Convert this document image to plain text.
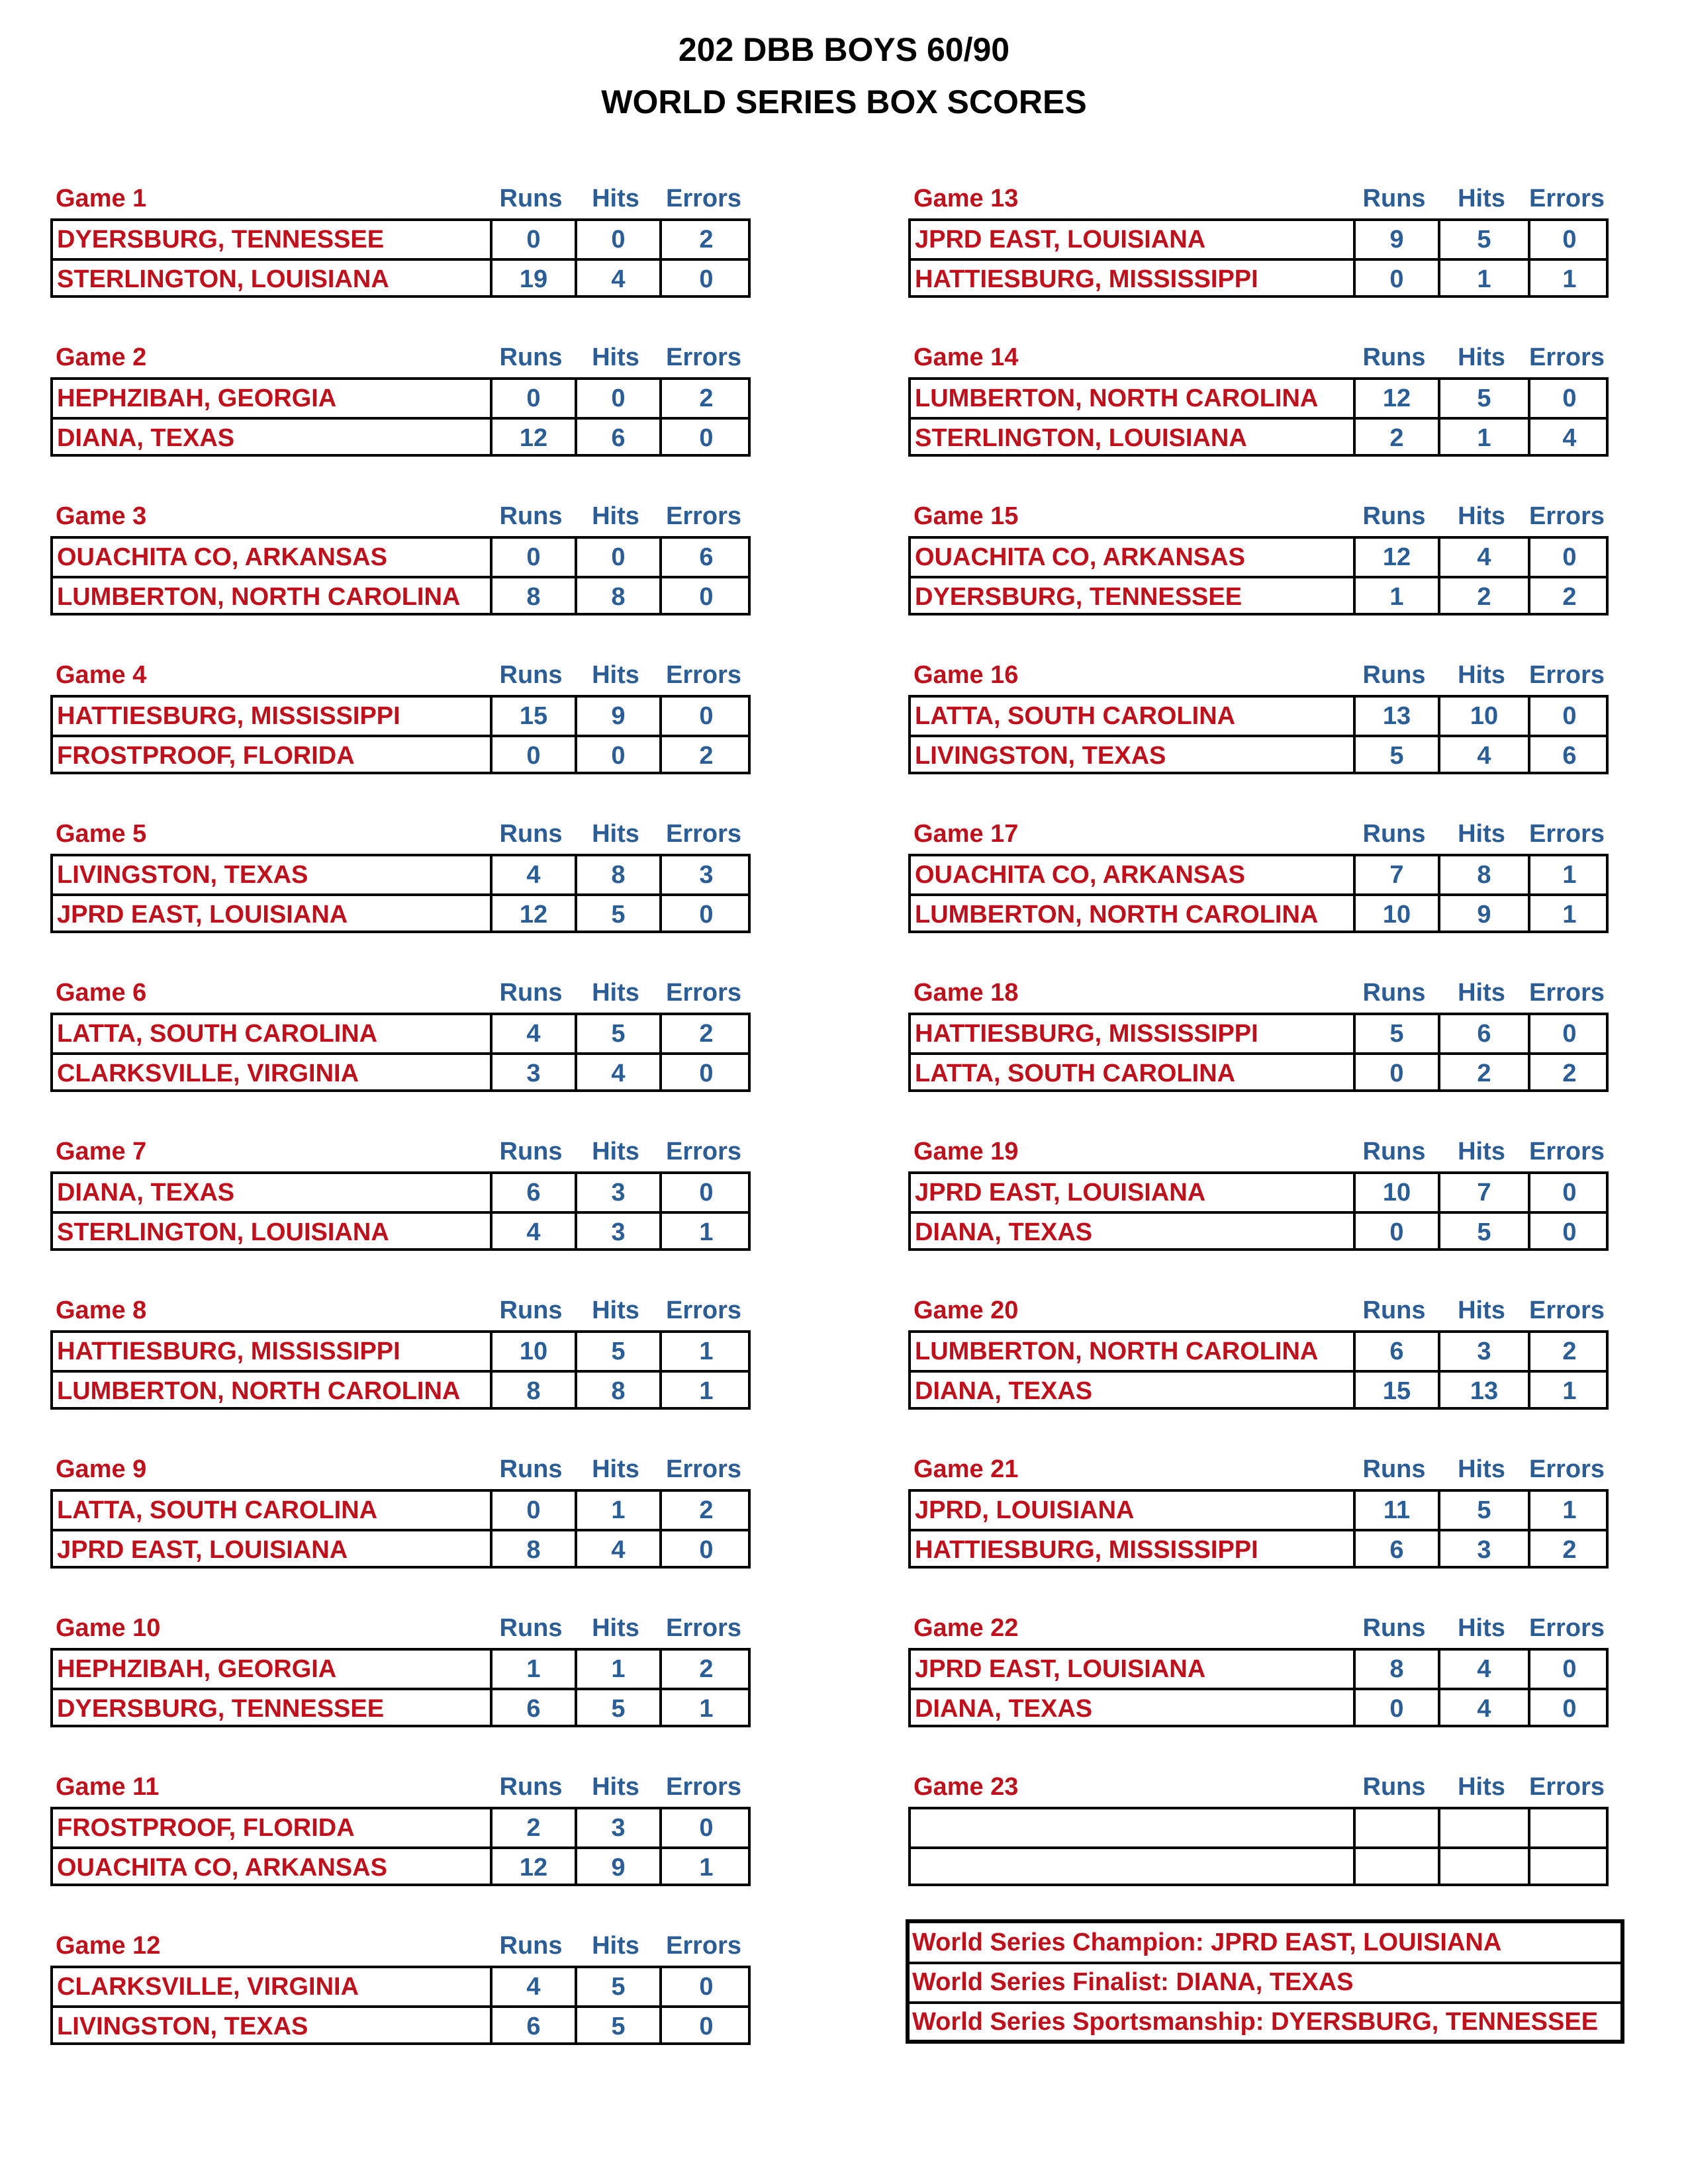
202 DBB BOYS 60/90
WORLD SERIES BOX SCORES
Game 1	Runs	Hits	Errors
DYERSBURG, TENNESSEE	0	0	2
STERLINGTON, LOUISIANA	19	4	0
Game 2	Runs	Hits	Errors
HEPHZIBAH, GEORGIA	0	0	2
DIANA, TEXAS	12	6	0
Game 3	Runs	Hits	Errors
OUACHITA CO, ARKANSAS	0	0	6
LUMBERTON, NORTH CAROLINA	8	8	0
Game 4	Runs	Hits	Errors
HATTIESBURG, MISSISSIPPI	15	9	0
FROSTPROOF, FLORIDA	0	0	2
Game 5	Runs	Hits	Errors
LIVINGSTON, TEXAS	4	8	3
JPRD EAST, LOUISIANA	12	5	0
Game 6	Runs	Hits	Errors
LATTA, SOUTH CAROLINA	4	5	2
CLARKSVILLE, VIRGINIA	3	4	0
Game 7	Runs	Hits	Errors
DIANA, TEXAS	6	3	0
STERLINGTON, LOUISIANA	4	3	1
Game 8	Runs	Hits	Errors
HATTIESBURG, MISSISSIPPI	10	5	1
LUMBERTON, NORTH CAROLINA	8	8	1
Game 9	Runs	Hits	Errors
LATTA, SOUTH CAROLINA	0	1	2
JPRD EAST, LOUISIANA	8	4	0
Game 10	Runs	Hits	Errors
HEPHZIBAH, GEORGIA	1	1	2
DYERSBURG, TENNESSEE	6	5	1
Game 11	Runs	Hits	Errors
FROSTPROOF, FLORIDA	2	3	0
OUACHITA CO, ARKANSAS	12	9	1
Game 12	Runs	Hits	Errors
CLARKSVILLE, VIRGINIA	4	5	0
LIVINGSTON, TEXAS	6	5	0
Game 13	Runs	Hits Errors
JPRD EAST, LOUISIANA	9	5	0
HATTIESBURG, MISSISSIPPI	0	1	1
Game 14	Runs	Hits Errors
LUMBERTON, NORTH CAROLINA	12	5	0
STERLINGTON, LOUISIANA	2	1	4
Game 15	Runs	Hits Errors
OUACHITA CO, ARKANSAS	12	4	0
DYERSBURG, TENNESSEE	1	2	2
Game 16	Runs	Hits Errors
LATTA, SOUTH CAROLINA	13	10	0
LIVINGSTON, TEXAS	5	4	6
Game 17	Runs	Hits Errors
OUACHITA CO, ARKANSAS	7	8	1
LUMBERTON, NORTH CAROLINA	10	9	1
Game 18	Runs	Hits Errors
HATTIESBURG, MISSISSIPPI	5	6	0
LATTA, SOUTH CAROLINA	0	2	2
Game 19	Runs	Hits Errors
JPRD EAST, LOUISIANA	10	7	0
DIANA, TEXAS	0	5	0
Game 20	Runs	Hits Errors
LUMBERTON, NORTH CAROLINA	6	3	2
DIANA, TEXAS	15	13	1
Game 21	Runs	Hits Errors
JPRD, LOUISIANA	11	5	1
HATTIESBURG, MISSISSIPPI	6	3	2
Game 22	Runs	Hits Errors
JPRD EAST, LOUISIANA	8	4	0
DIANA, TEXAS	0	4	0
Game 23	Runs	Hits Errors
World Series Champion: JPRD EAST, LOUISIANA
World Series Finalist: DIANA, TEXAS
World Series Sportsmanship: DYERSBURG, TENNESSEE
